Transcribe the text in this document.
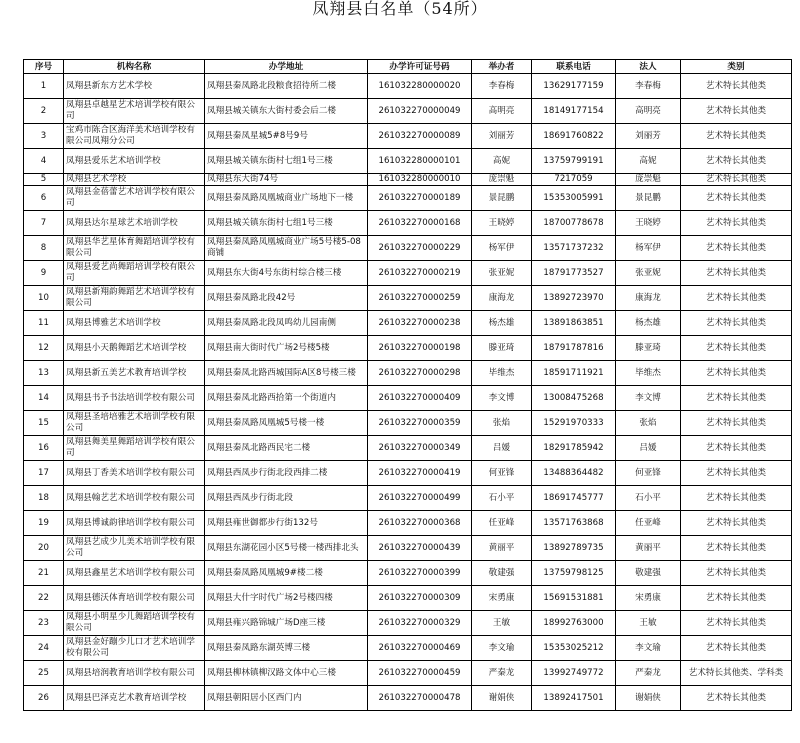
凤翔县白名单（54所）
序号	机构名称	办学地址	办学许可证号码	举办者	联系电话	法人	类别
1	凤翔县新东方艺术学校	凤翔县秦凤路北段粮食招待所二楼	161032280000020	李春梅	13629177159	李春梅	艺术特长其他类
2	凤翔县卓越星艺术培训学校有限公司	凤翔县城关镇东大街村委会后二楼	261032270000049	高明亮	18149177154	高明亮	艺术特长其他类
3	宝鸡市陈合区海洋美术培训学校有限公司凤翔分公司	凤翔县秦凤星城5#8号9号	261032270000089	刘丽芳	18691760822	刘丽芳	艺术特长其他类
4	凤翔县爱乐艺术培训学校	凤翔县城关镇东街村七组1号三楼	161032280000101	高妮	13759799191	高妮	艺术特长其他类
5	凤翔县艺术学校	凤翔县东大街74号	161032280000010	庞崇魁	7217059	庞崇魁	艺术特长其他类
6	凤翔县金蓓蕾艺术培训学校有限公司	凤翔县秦凤路凤凰城商业广场地下一楼	261032270000189	景昆鹏	15353005991	景昆鹏	艺术特长其他类
7	凤翔县达尔星球艺术培训学校	凤翔县城关镇东街村七组1号三楼	261032270000168	王晓婷	18700778678	王晓婷	艺术特长其他类
8	凤翔县华艺星体育舞蹈培训学校有限公司	凤翔县秦凤路凤凰城商业广场5号楼5-08商铺	261032270000229	杨军伊	13571737232	杨军伊	艺术特长其他类
9	凤翔县爱艺尚舞蹈培训学校有限公司	凤翔县东大街4号东街村综合楼三楼	261032270000219	张亚妮	18791773527	张亚妮	艺术特长其他类
10	凤翔县新翔韵舞蹈艺术培训学校有限公司	凤翔县秦凤路北段42号	261032270000259	康海龙	13892723970	康海龙	艺术特长其他类
11	凤翔县博雅艺术培训学校	凤翔县秦凤路北段凤鸣幼儿园南侧	261032270000238	杨杰雄	13891863851	杨杰雄	艺术特长其他类
12	凤翔县小天鹅舞蹈艺术培训学校	凤翔县南大街时代广场2号楼5楼	261032270000198	滕亚琦	18791787816	滕亚琦	艺术特长其他类
13	凤翔县新五美艺术教育培训学校	凤翔县秦凤北路西城国际A区8号楼三楼	261032270000298	毕维杰	18591711921	毕维杰	艺术特长其他类
14	凤翔县书予书法培训学校有限公司	凤翔县秦凤北路西拾第一个街道内	261032270000409	李文博	13008475268	李文博	艺术特长其他类
15	凤翔县圣培培雅艺术培训学校有限公司	凤翔县秦凤路凤凰城5号楼一楼	261032270000359	张焰	15291970333	张焰	艺术特长其他类
16	凤翔县舞美星舞蹈培训学校有限公司	凤翔县秦凤北路西民宅二楼	261032270000349	吕媛	18291785942	吕媛	艺术特长其他类
17	凤翔县丁香美术培训学校有限公司	凤翔县西凤步行街北段西排二楼	261032270000419	何亚锋	13488364482	何亚锋	艺术特长其他类
18	凤翔县翰艺艺术培训学校有限公司	凤翔县西凤步行街北段	261032270000499	石小平	18691745777	石小平	艺术特长其他类
19	凤翔县博诚韵律培训学校有限公司	凤翔县雍世御都步行街132号	261032270000368	任亚峰	13571763868	任亚峰	艺术特长其他类
20	凤翔县艺成少儿美术培训学校有限公司	凤翔县东湖花园小区5号楼一楼西排北头	261032270000439	黄丽平	13892789735	黄丽平	艺术特长其他类
21	凤翔县鑫星艺术培训学校有限公司	凤翔县秦凤路凤凰城9#楼二楼	261032270000399	敬建强	13759798125	敬建强	艺术特长其他类
22	凤翔县德沃体育培训学校有限公司	凤翔县大什字时代广场2号楼四楼	261032270000309	宋勇康	15691531881	宋勇康	艺术特长其他类
23	凤翔县小明星少儿舞蹈培训学校有限公司	凤翔县雍兴路锦城广场D座三楼	261032270000329	王敏	18992763000	王敏	艺术特长其他类
24	凤翔县金好蹦少儿口才艺术培训学校有限公司	凤翔县秦凤路东湖英博三楼	261032270000469	李文瑜	15353025212	李文瑜	艺术特长其他类
25	凤翔县培润教育培训学校有限公司	凤翔县柳林镇柳汉路文体中心三楼	261032270000459	严秦龙	13992749772	严秦龙	艺术特长其他类、学科类
26	凤翔县巴泽克艺术教育培训学校	凤翔县朝阳居小区西门内	261032270000478	谢娟侠	13892417501	谢娟侠	艺术特长其他类
